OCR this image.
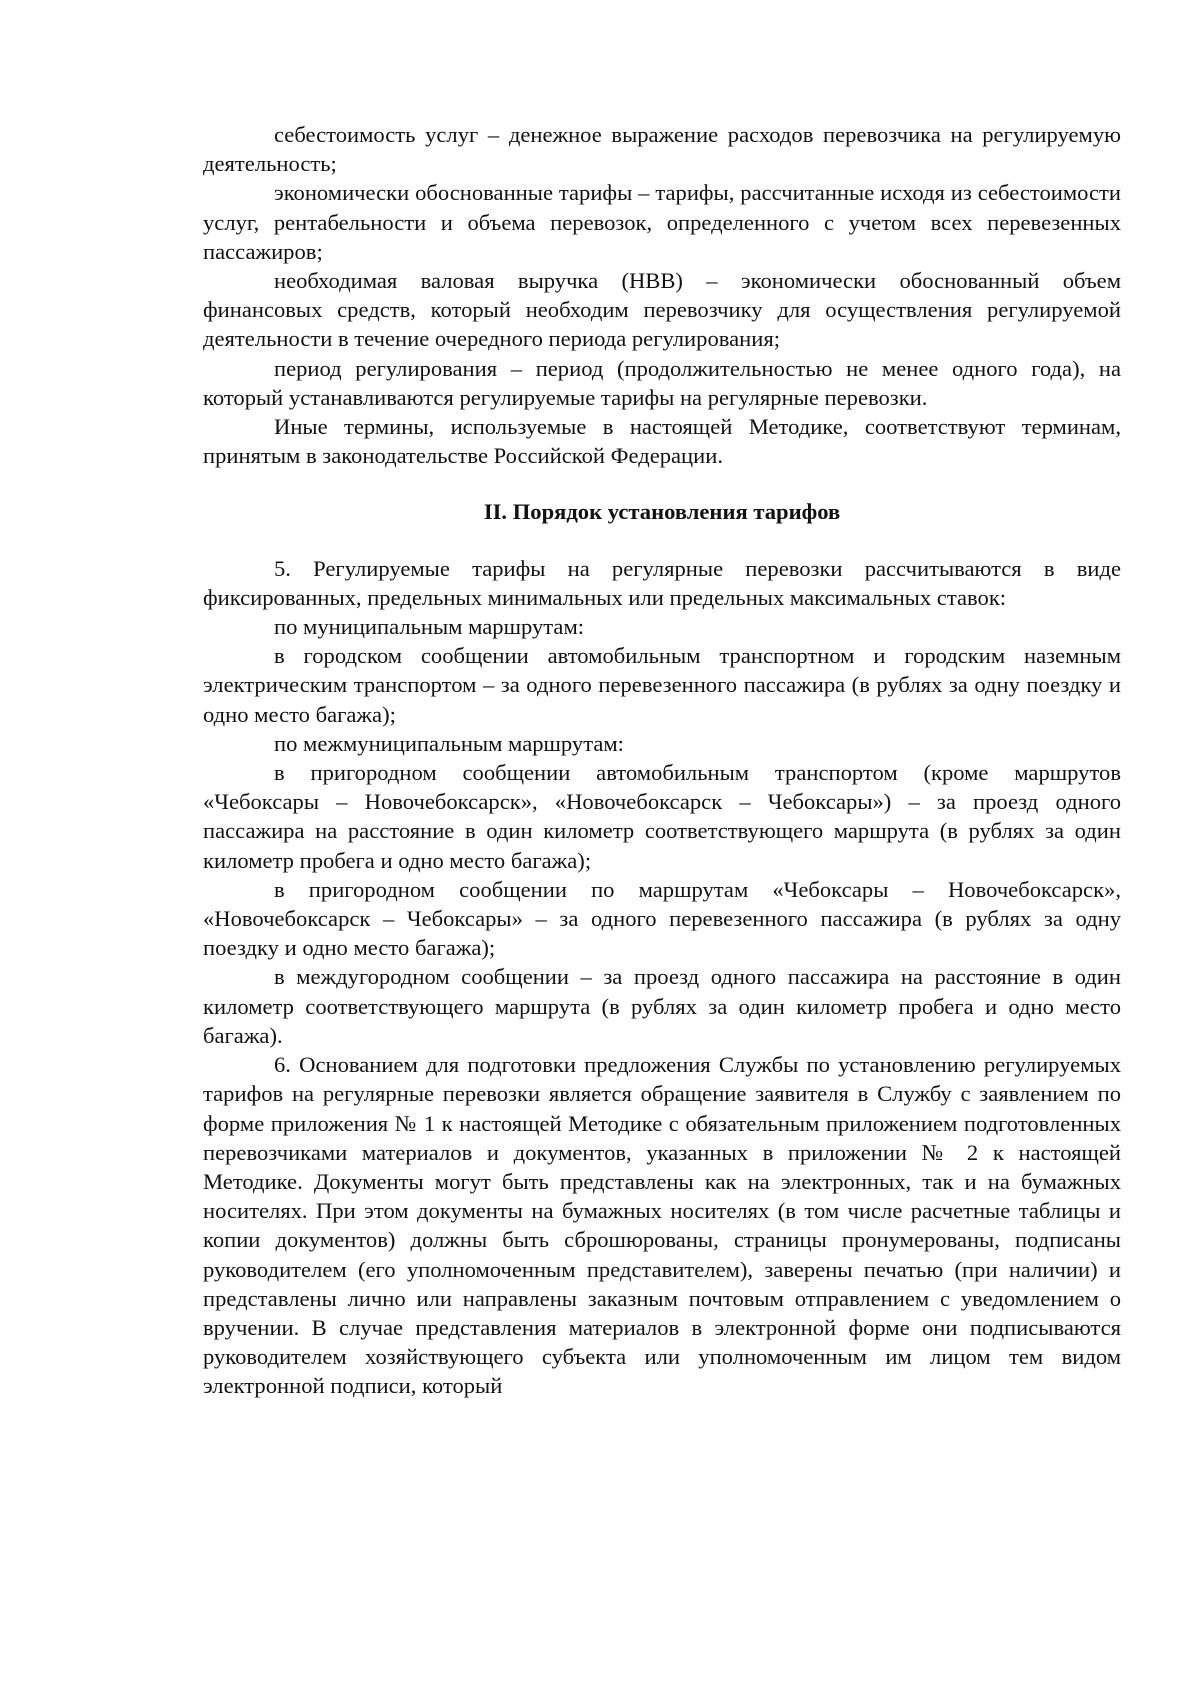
себестоимость услуг – денежное выражение расходов перевозчика на регулируемую деятельность;

экономически обоснованные тарифы – тарифы, рассчитанные исходя из себестоимости услуг, рентабельности и объема перевозок, определенного с учетом всех перевезенных пассажиров;

необходимая валовая выручка (НВВ) – экономически обоснованный объем финансовых средств, который необходим перевозчику для осуществления регулируемой деятельности в течение очередного периода регулирования;

период регулирования – период (продолжительностью не менее одного года), на который устанавливаются регулируемые тарифы на регулярные перевозки.

Иные термины, используемые в настоящей Методике, соответствуют терминам, принятым в законодательстве Российской Федерации.

II. Порядок установления тарифов

5. Регулируемые тарифы на регулярные перевозки рассчитываются в виде фиксированных, предельных минимальных или предельных максимальных ставок:

по муниципальным маршрутам:

в городском сообщении автомобильным транспортном и городским наземным электрическим транспортом – за одного перевезенного пассажира (в рублях за одну поездку и одно место багажа);

по межмуниципальным маршрутам:

в пригородном сообщении автомобильным транспортом (кроме маршрутов «Чебоксары – Новочебоксарск», «Новочебоксарск – Чебоксары») – за проезд одного пассажира на расстояние в один километр соответствующего маршрута (в рублях за один километр пробега и одно место багажа);

в пригородном сообщении по маршрутам «Чебоксары – Новочебоксарск», «Новочебоксарск – Чебоксары» – за одного перевезенного пассажира (в рублях за одну поездку и одно место багажа);

в междугородном сообщении – за проезд одного пассажира на расстояние в один километр соответствующего маршрута (в рублях за один километр пробега и одно место багажа).

6. Основанием для подготовки предложения Службы по установлению регулируемых тарифов на регулярные перевозки является обращение заявителя в Службу с заявлением по форме приложения № 1 к настоящей Методике с обязательным приложением подготовленных перевозчиками материалов и документов, указанных в приложении № 2 к настоящей Методике. Документы могут быть представлены как на электронных, так и на бумажных носителях. При этом документы на бумажных носителях (в том числе расчетные таблицы и копии документов) должны быть сброшюрованы, страницы пронумерованы, подписаны руководителем (его уполномоченным представителем), заверены печатью (при наличии) и представлены лично или направлены заказным почтовым отправлением с уведомлением о вручении. В случае представления материалов в электронной форме они подписываются руководителем хозяйствующего субъекта или уполномоченным им лицом тем видом электронной подписи, который
